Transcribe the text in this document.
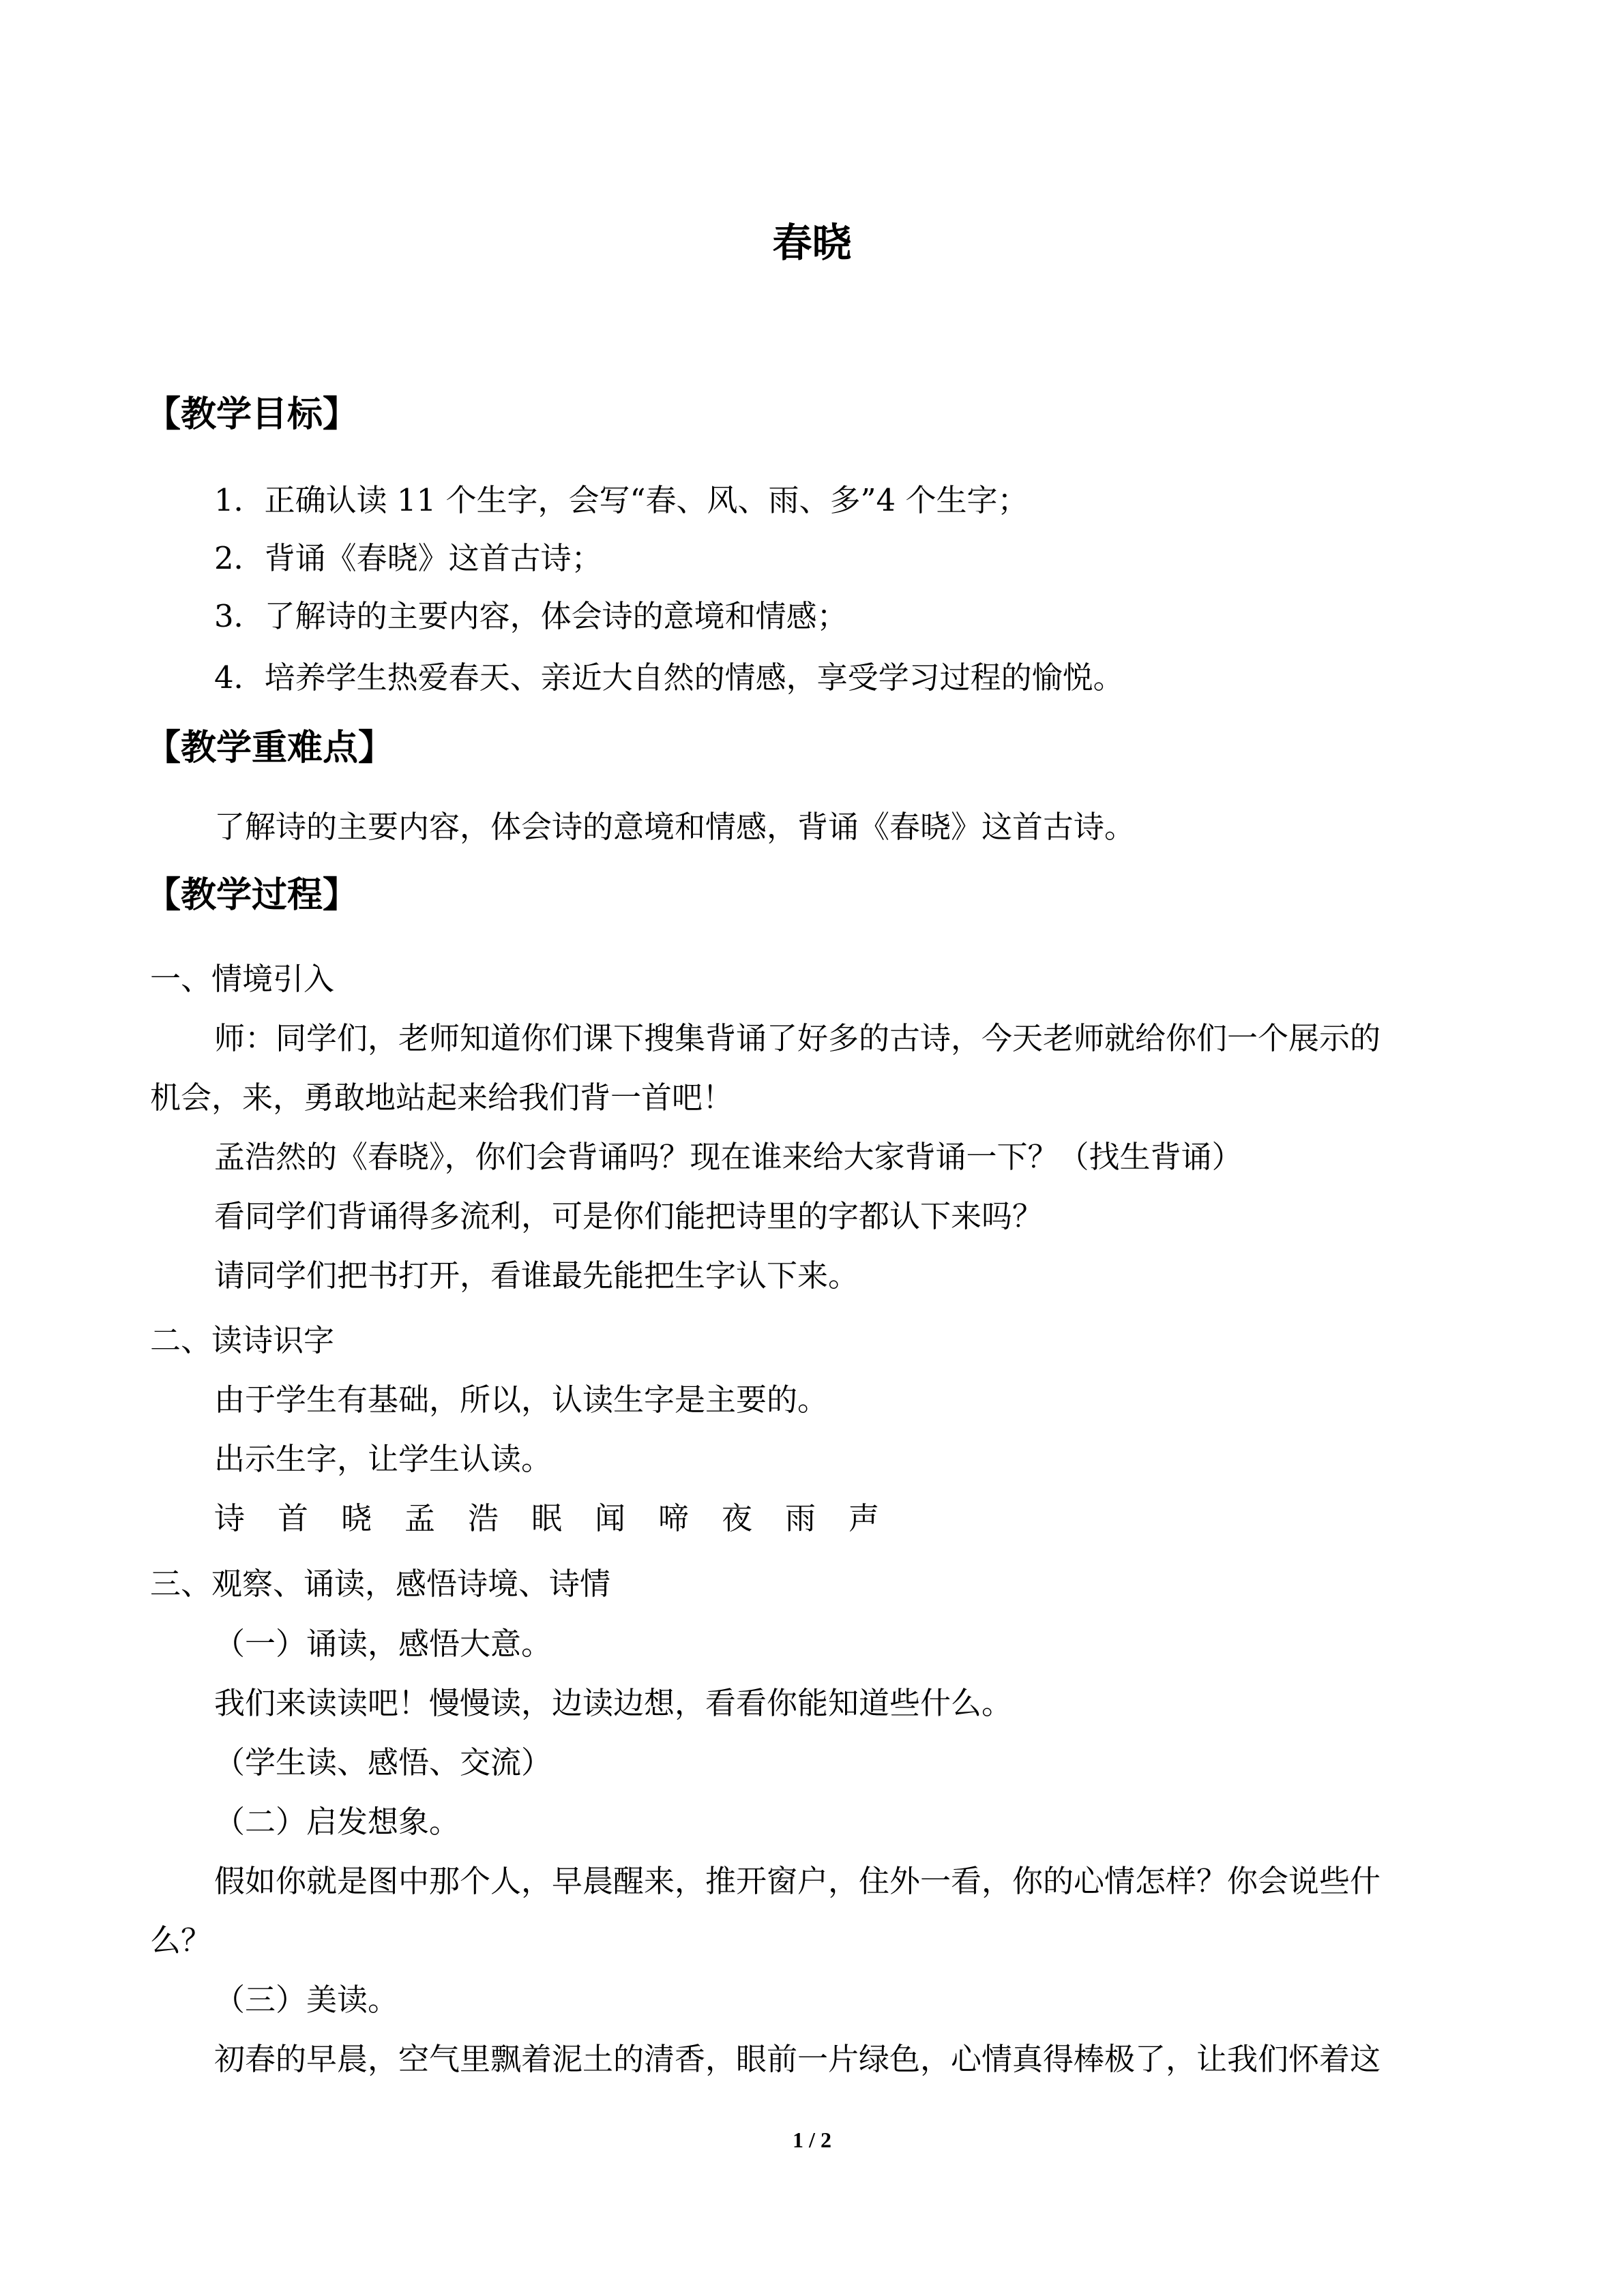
春晓
【教学目标】

1．正确认读 11 个生字，会写“春、风、雨、多”4 个生字；

2．背诵《春晓》这首古诗；

3．了解诗的主要内容，体会诗的意境和情感；

4．培养学生热爱春天、亲近大自然的情感，享受学习过程的愉悦。

【教学重难点】

了解诗的主要内容，体会诗的意境和情感，背诵《春晓》这首古诗。

【教学过程】

一、情境引入

师：同学们，老师知道你们课下搜集背诵了好多的古诗，今天老师就给你们一个展示的

机会，来，勇敢地站起来给我们背一首吧！

孟浩然的《春晓》，你们会背诵吗？现在谁来给大家背诵一下？（找生背诵）

看同学们背诵得多流利，可是你们能把诗里的字都认下来吗？

请同学们把书打开，看谁最先能把生字认下来。

二、读诗识字

由于学生有基础，所以，认读生字是主要的。

出示生字，让学生认读。

诗	首	晓	孟	浩	眠	闻	啼	夜	雨	声

三、观察、诵读，感悟诗境、诗情

（一）诵读，感悟大意。

我们来读读吧！慢慢读，边读边想，看看你能知道些什么。

（学生读、感悟、交流）

（二）启发想象。

假如你就是图中那个人，早晨醒来，推开窗户，住外一看，你的心情怎样？你会说些什

么？

（三）美读。

初春的早晨，空气里飘着泥土的清香，眼前一片绿色，心情真得棒极了，让我们怀着这

1 / 2
